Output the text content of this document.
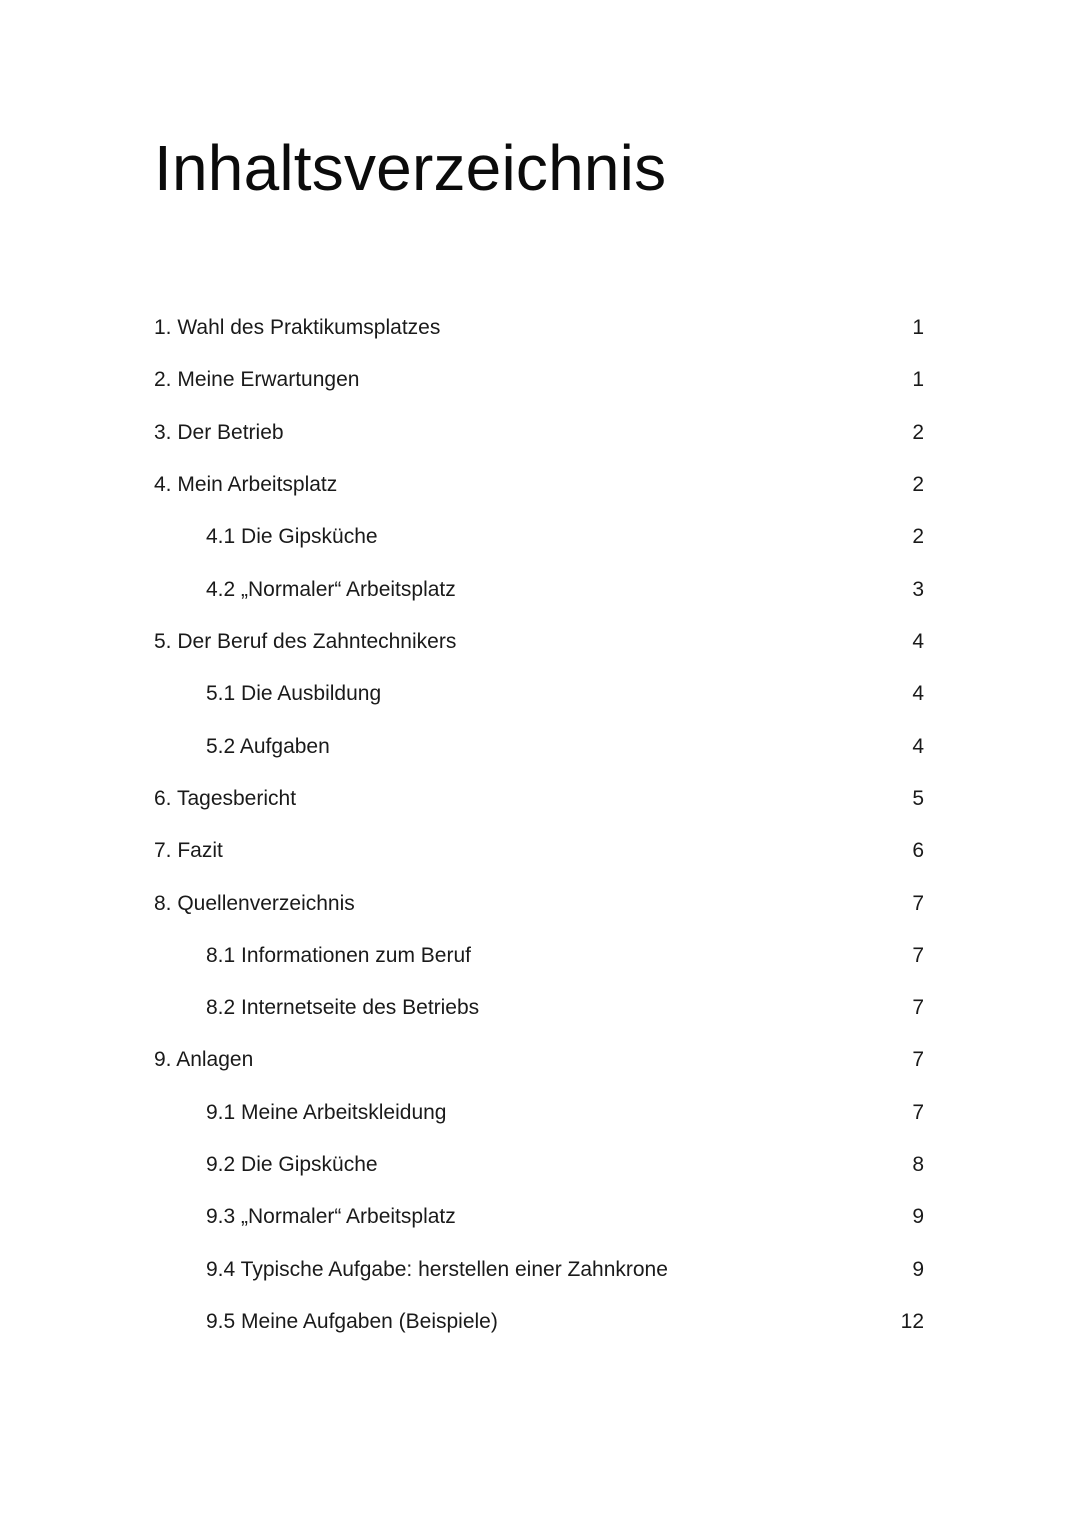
Inhaltsverzeichnis
1. Wahl des Praktikumsplatzes	1
2. Meine Erwartungen	1
3. Der Betrieb	2
4. Mein Arbeitsplatz	2
4.1 Die Gipsküche	2
4.2 „Normaler“ Arbeitsplatz	3
5. Der Beruf des Zahntechnikers	4
5.1 Die Ausbildung	4
5.2 Aufgaben	4
6. Tagesbericht	5
7. Fazit	6
8. Quellenverzeichnis	7
8.1 Informationen zum Beruf	7
8.2 Internetseite des Betriebs	7
9. Anlagen	7
9.1 Meine Arbeitskleidung	7
9.2 Die Gipsküche	8
9.3 „Normaler“ Arbeitsplatz	9
9.4 Typische Aufgabe: herstellen einer Zahnkrone	9
9.5 Meine Aufgaben (Beispiele)	12
